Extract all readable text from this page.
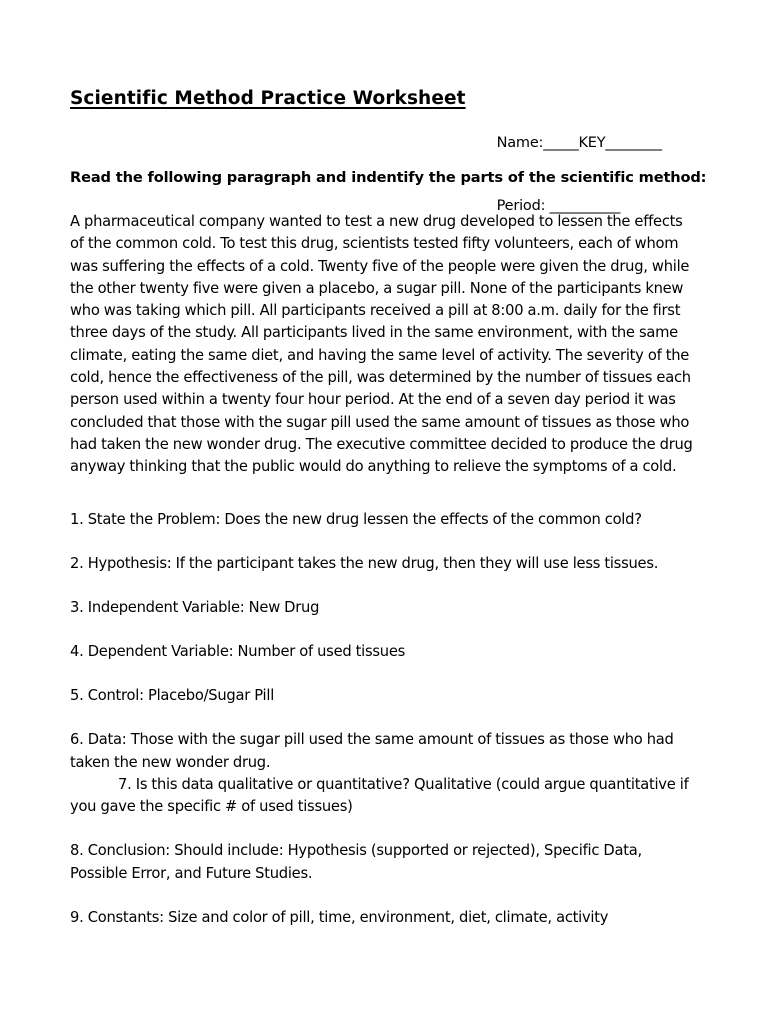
Scientific Method Practice Worksheet

Name:_____KEY________

Period: __________

Read the following paragraph and indentify the parts of the scientific method:

A pharmaceutical company wanted to test a new drug developed to lessen the effects of the common cold. To test this drug, scientists tested fifty volunteers, each of whom was suffering the effects of a cold. Twenty five of the people were given the drug, while the other twenty five were given a placebo, a sugar pill. None of the participants knew who was taking which pill. All participants received a pill at 8:00 a.m. daily for the first three days of the study. All participants lived in the same environment, with the same climate, eating the same diet, and having the same level of activity. The severity of the cold, hence the effectiveness of the pill, was determined by the number of tissues each person used within a twenty four hour period. At the end of a seven day period it was concluded that those with the sugar pill used the same amount of tissues as those who had taken the new wonder drug. The executive committee decided to produce the drug anyway thinking that the public would do anything to relieve the symptoms of a cold.

1. State the Problem: Does the new drug lessen the effects of the common cold?

2. Hypothesis: If the participant takes the new drug, then they will use less tissues.

3. Independent Variable: New Drug

4. Dependent Variable: Number of used tissues

5. Control: Placebo/Sugar Pill

6. Data: Those with the sugar pill used the same amount of tissues as those who had taken the new wonder drug.

7. Is this data qualitative or quantitative? Qualitative (could argue quantitative if you gave the specific # of used tissues)

8. Conclusion: Should include: Hypothesis (supported or rejected), Specific Data, Possible Error, and Future Studies.

9. Constants: Size and color of pill, time, environment, diet, climate, activity
